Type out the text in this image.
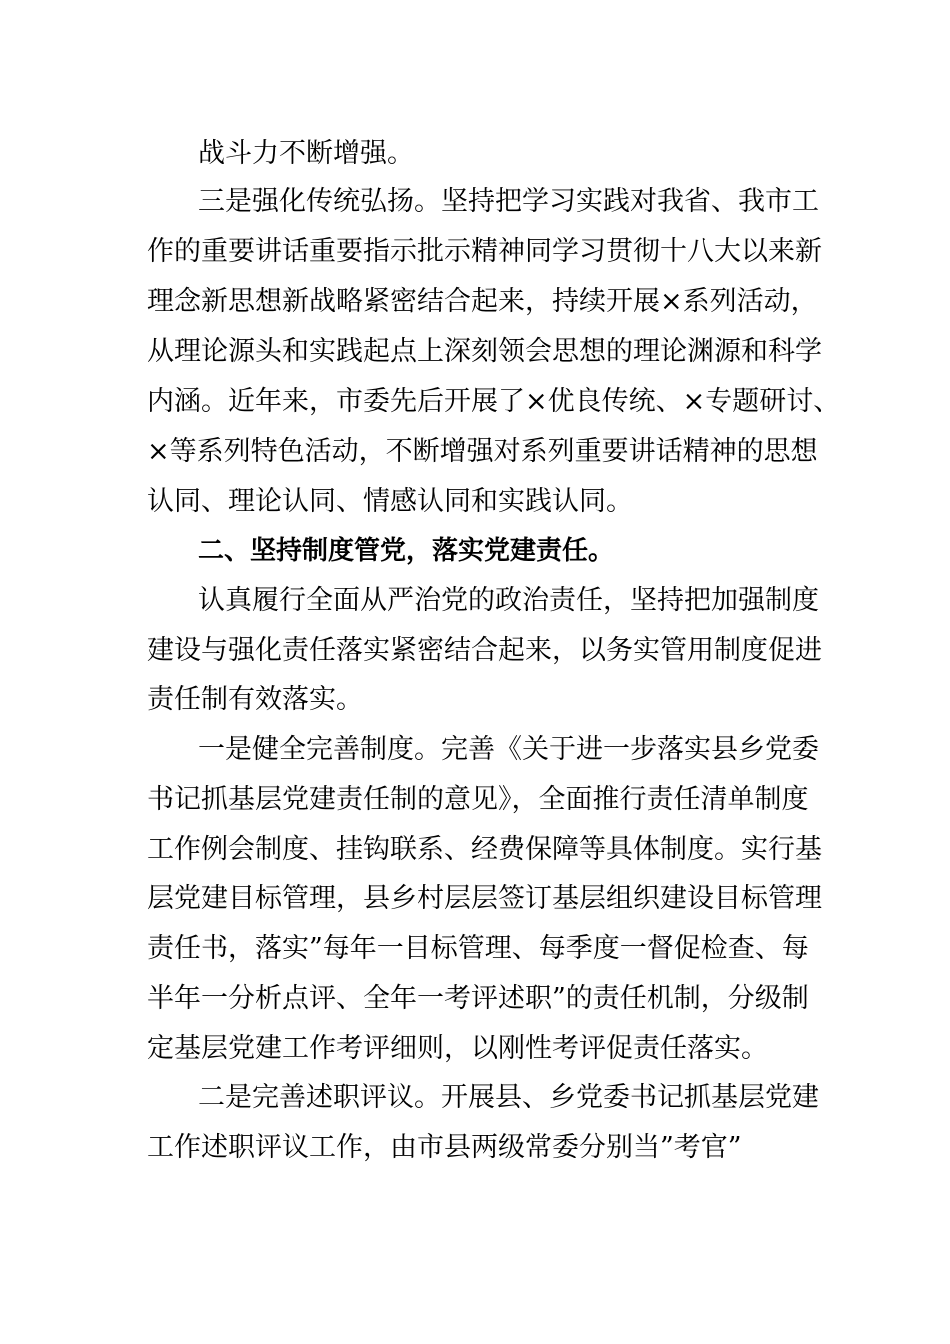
战斗力不断增强。

三是强化传统弘扬。坚持把学习实践对我省、我市工

作的重要讲话重要指示批示精神同学习贯彻十八大以来新

理念新思想新战略紧密结合起来，持续开展×系列活动，

从理论源头和实践起点上深刻领会思想的理论渊源和科学

内涵。近年来，市委先后开展了×优良传统、×专题研讨、

×等系列特色活动，不断增强对系列重要讲话精神的思想

认同、理论认同、情感认同和实践认同。

二、坚持制度管党，落实党建责任。

认真履行全面从严治党的政治责任，坚持把加强制度

建设与强化责任落实紧密结合起来，以务实管用制度促进

责任制有效落实。

一是健全完善制度。完善《关于进一步落实县乡党委

书记抓基层党建责任制的意见》，全面推行责任清单制度

工作例会制度、挂钩联系、经费保障等具体制度。实行基

层党建目标管理，县乡村层层签订基层组织建设目标管理

责任书，落实”每年一目标管理、每季度一督促检查、每

半年一分析点评、全年一考评述职”的责任机制，分级制

定基层党建工作考评细则，以刚性考评促责任落实。

二是完善述职评议。开展县、乡党委书记抓基层党建

工作述职评议工作，由市县两级常委分别当”考官”
